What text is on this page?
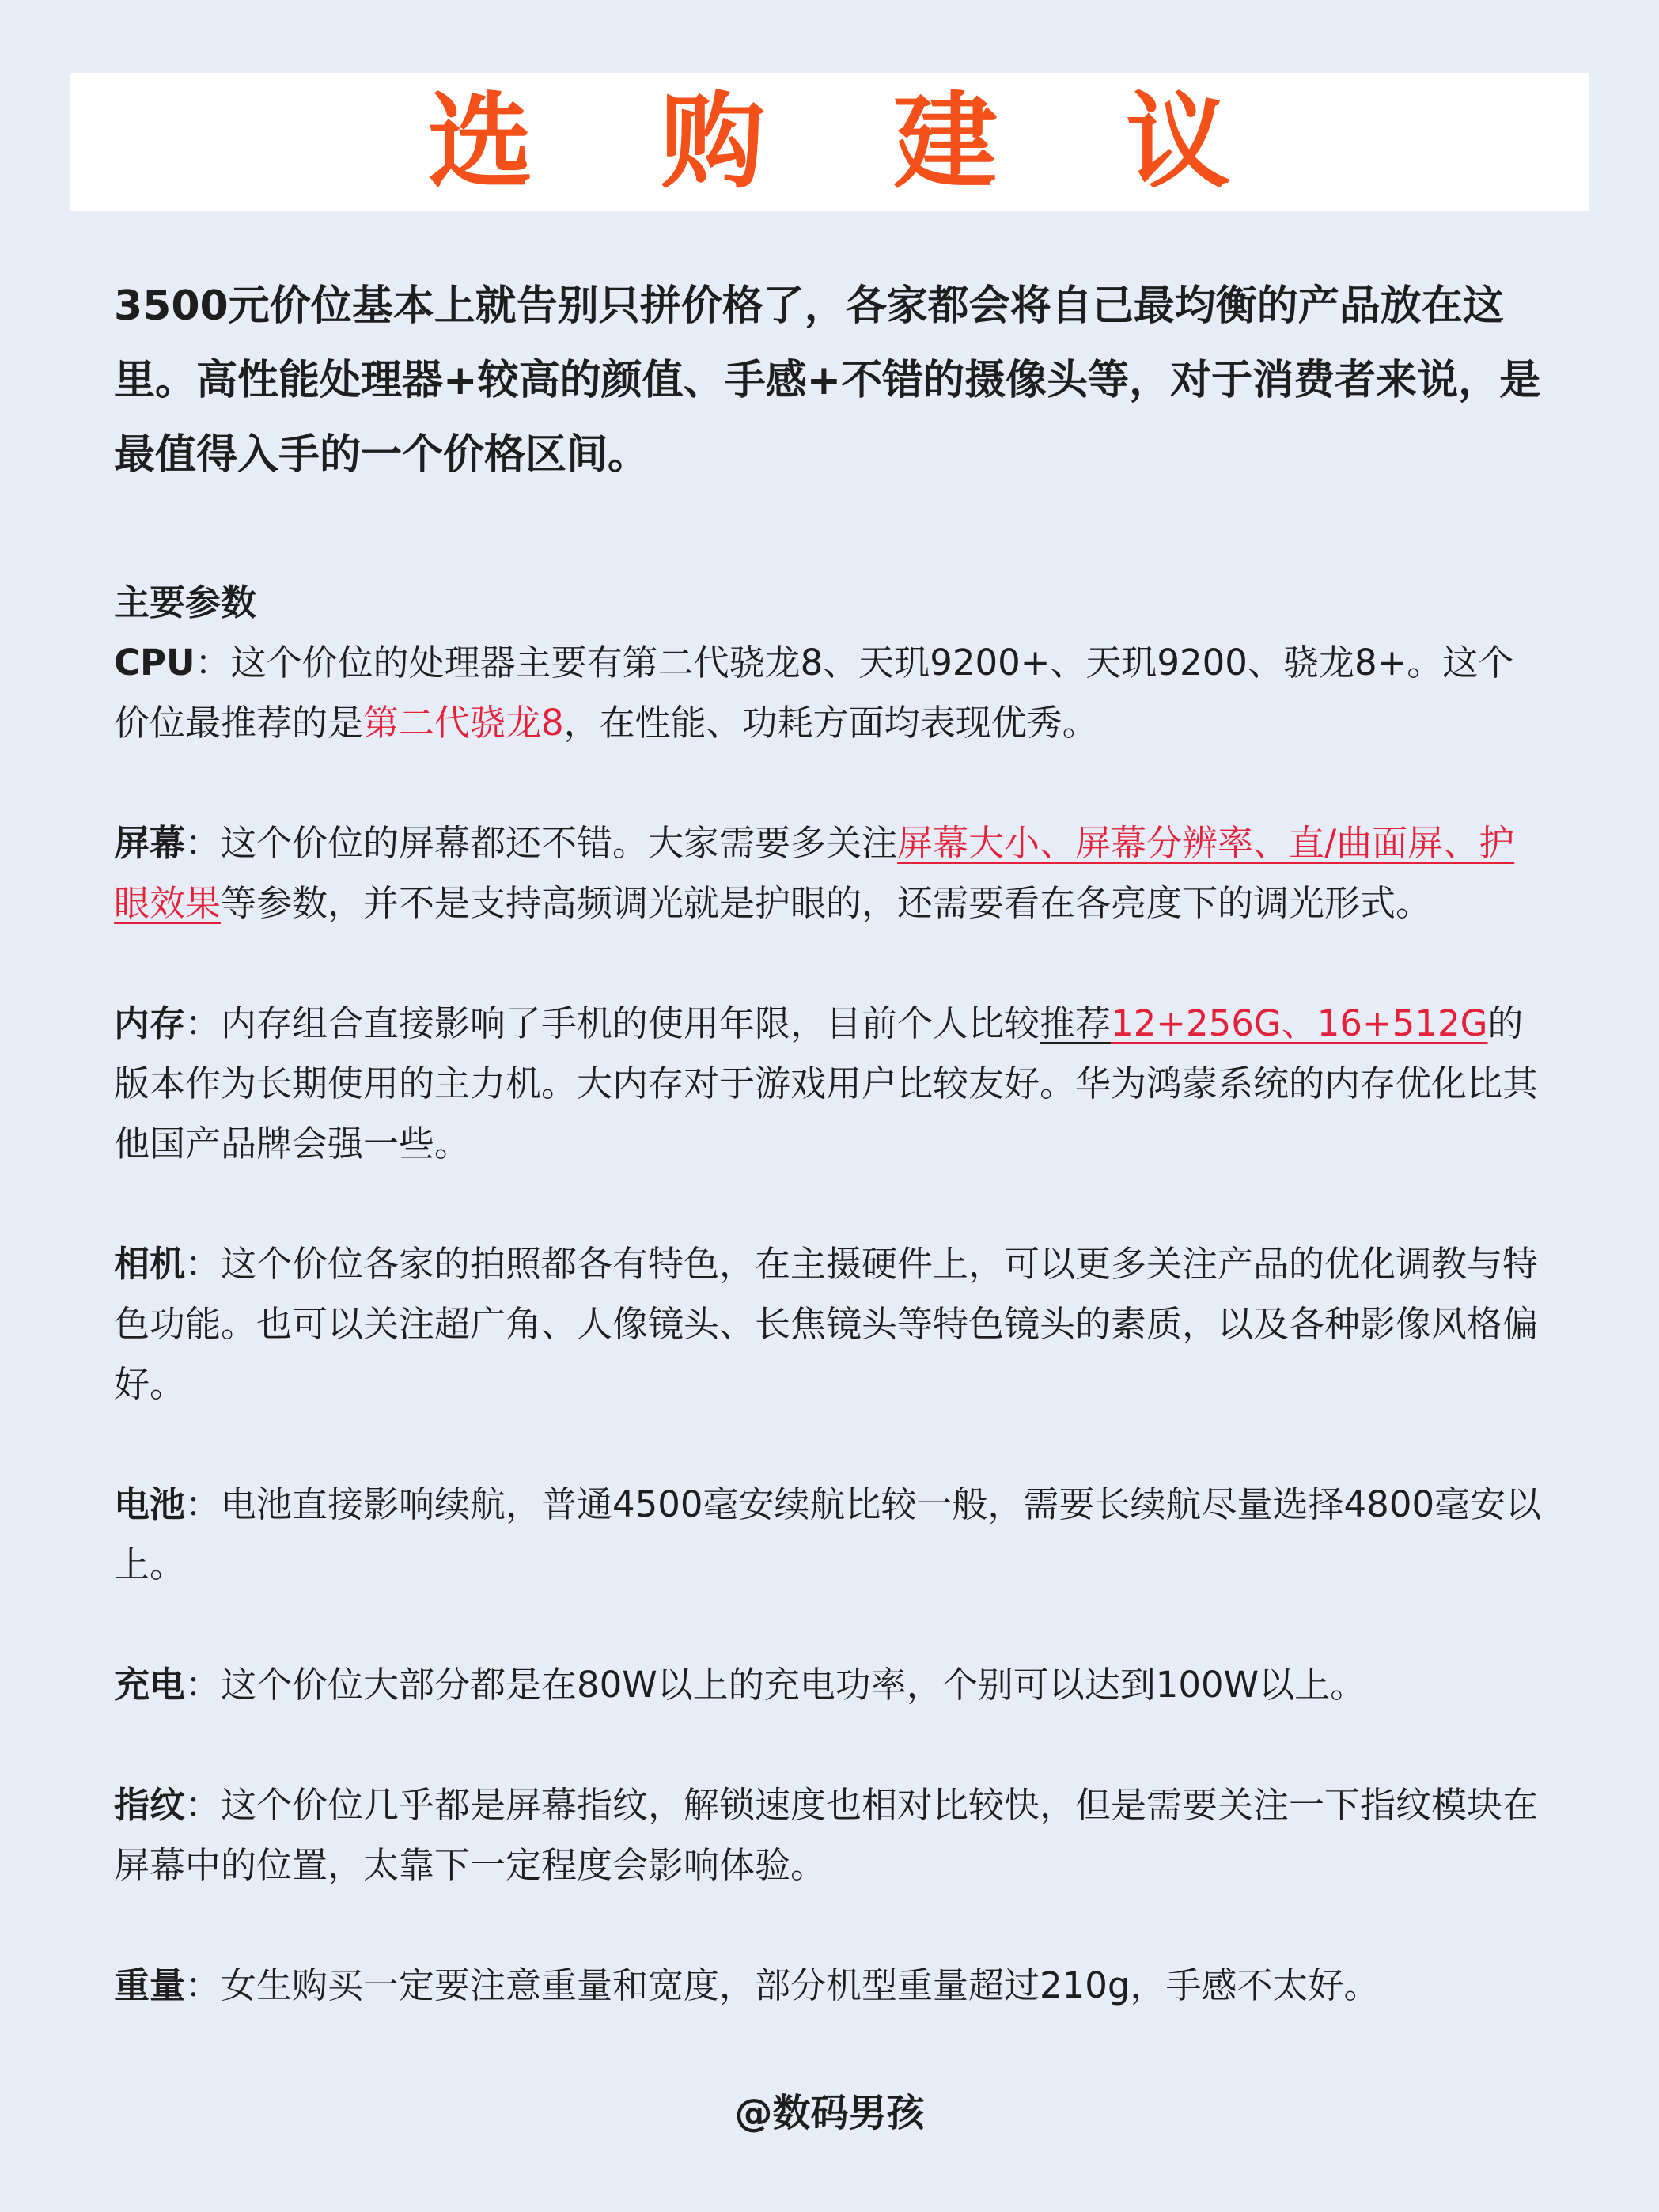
选 购 建 议

3500元价位基本上就告别只拼价格了，各家都会将自己最均衡的产品放在这里。高性能处理器+较高的颜值、手感+不错的摄像头等，对于消费者来说，是最值得入手的一个价格区间。

主要参数

CPU：这个价位的处理器主要有第二代骁龙8、天玑9200+、天玑9200、骁龙8+。这个价位最推荐的是第二代骁龙8，在性能、功耗方面均表现优秀。

屏幕：这个价位的屏幕都还不错。大家需要多关注屏幕大小、屏幕分辨率、直/曲面屏、护眼效果等参数，并不是支持高频调光就是护眼的，还需要看在各亮度下的调光形式。

内存：内存组合直接影响了手机的使用年限，目前个人比较推荐12+256G、16+512G的版本作为长期使用的主力机。大内存对于游戏用户比较友好。华为鸿蒙系统的内存优化比其他国产品牌会强一些。

相机：这个价位各家的拍照都各有特色，在主摄硬件上，可以更多关注产品的优化调教与特色功能。也可以关注超广角、人像镜头、长焦镜头等特色镜头的素质，以及各种影像风格偏好。

电池：电池直接影响续航，普通4500毫安续航比较一般，需要长续航尽量选择4800毫安以上。

充电：这个价位大部分都是在80W以上的充电功率，个别可以达到100W以上。

指纹：这个价位几乎都是屏幕指纹，解锁速度也相对比较快，但是需要关注一下指纹模块在屏幕中的位置，太靠下一定程度会影响体验。

重量：女生购买一定要注意重量和宽度，部分机型重量超过210g，手感不太好。

@数码男孩
